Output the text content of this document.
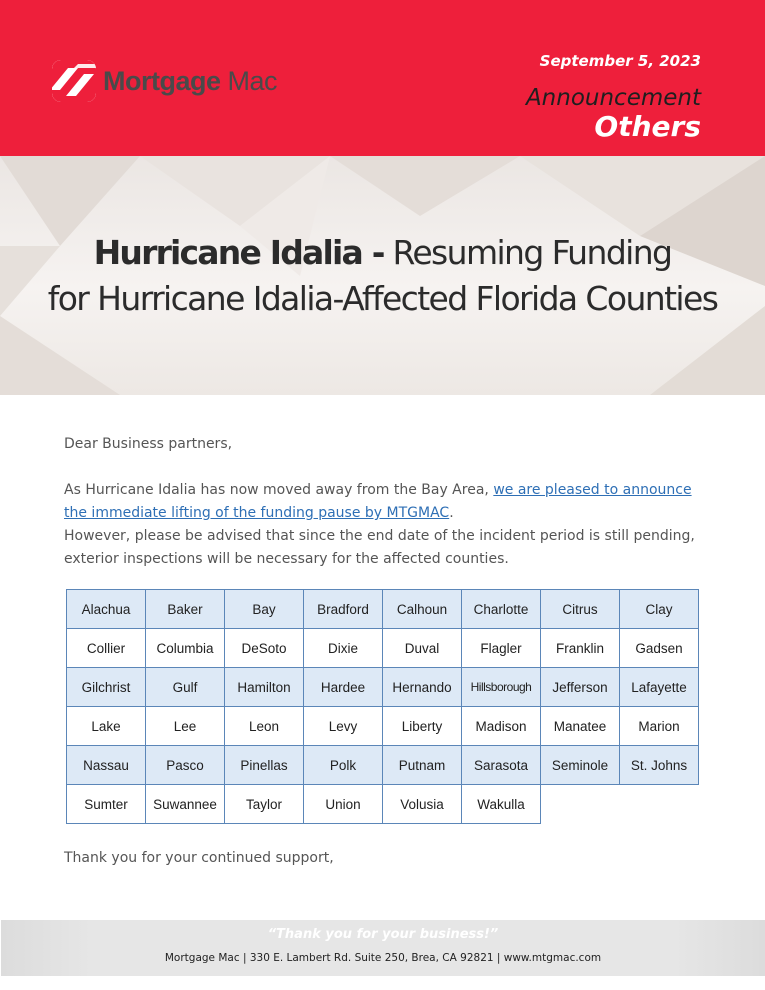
Mortgage Mac
September 5, 2023
Announcement
Others
Hurricane Idalia - Resuming Funding
for Hurricane Idalia-Affected Florida Counties
Dear Business partners,
As Hurricane Idalia has now moved away from the Bay Area, we are pleased to announce the immediate lifting of the funding pause by MTGMAC.
However, please be advised that since the end date of the incident period is still pending, exterior inspections will be necessary for the affected counties.
Alachua	Baker	Bay	Bradford	Calhoun	Charlotte	Citrus	Clay
Collier	Columbia	DeSoto	Dixie	Duval	Flagler	Franklin	Gadsen
Gilchrist	Gulf	Hamilton	Hardee	Hernando	Hillsborough	Jefferson	Lafayette
Lake	Lee	Leon	Levy	Liberty	Madison	Manatee	Marion
Nassau	Pasco	Pinellas	Polk	Putnam	Sarasota	Seminole	St. Johns
Sumter	Suwannee	Taylor	Union	Volusia	Wakulla		
Thank you for your continued support,
“Thank you for your business!”
Mortgage Mac | 330 E. Lambert Rd. Suite 250, Brea, CA 92821 | www.mtgmac.com
